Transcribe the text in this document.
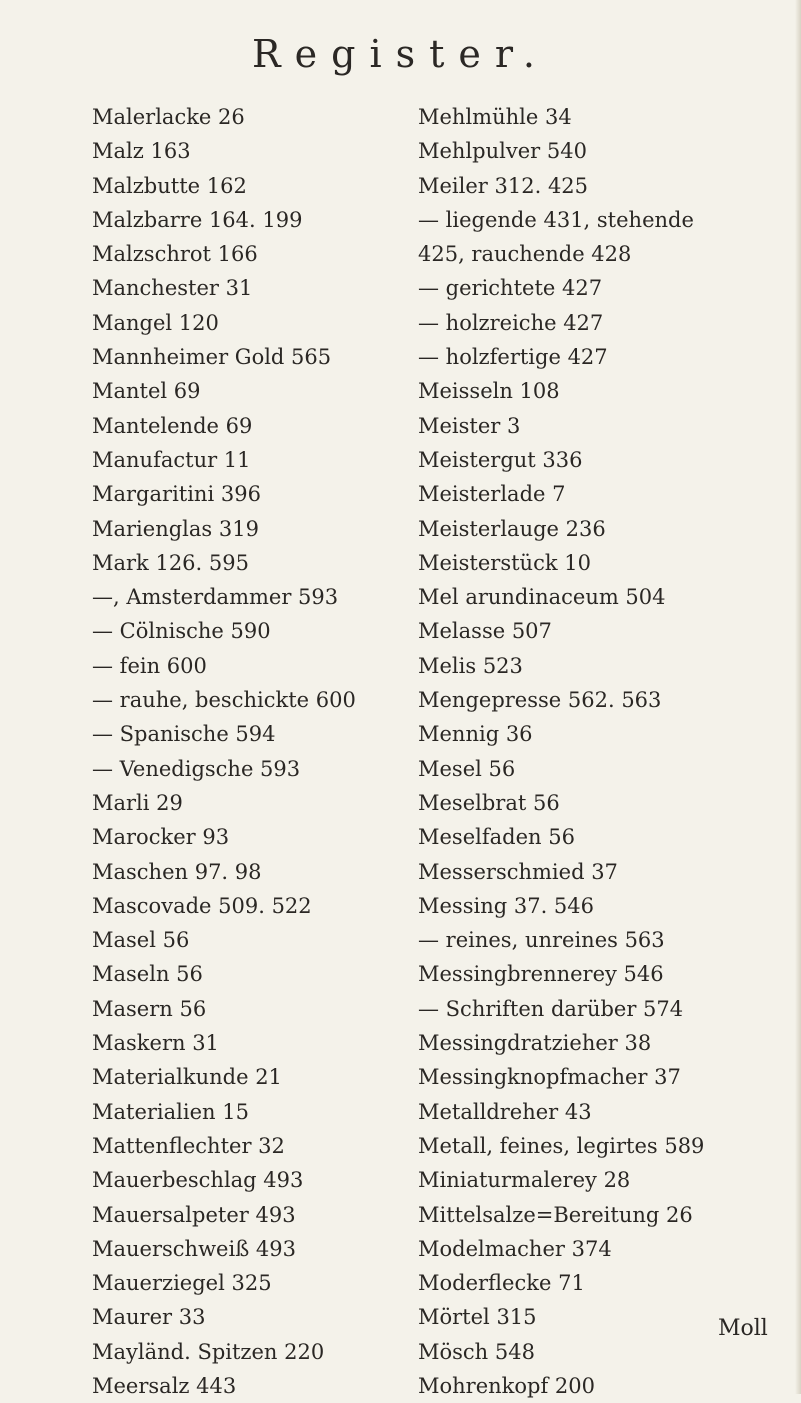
Register.
Malerlacke 26
Malz 163
Malzbutte 162
Malzbarre 164. 199
Malzschrot 166
Manchester 31
Mangel 120
Mannheimer Gold 565
Mantel 69
Mantelende 69
Manufactur 11
Margaritini 396
Marienglas 319
Mark 126. 595
—, Amsterdammer 593
— Cölnische 590
— fein 600
— rauhe, beschickte 600
— Spanische 594
— Venedigsche 593
Marli 29
Marocker 93
Maschen 97. 98
Mascovade 509. 522
Masel 56
Maseln 56
Masern 56
Maskern 31
Materialkunde 21
Materialien 15
Mattenflechter 32
Mauerbeschlag 493
Mauersalpeter 493
Mauerschweiß 493
Mauerziegel 325
Maurer 33
Mayländ. Spitzen 220
Meersalz 443
Mehlmühle 34
Mehlpulver 540
Meiler 312. 425
— liegende 431, stehende
425, rauchende 428
— gerichtete 427
— holzreiche 427
— holzfertige 427
Meisseln 108
Meister 3
Meistergut 336
Meisterlade 7
Meisterlauge 236
Meisterstück 10
Mel arundinaceum 504
Melasse 507
Melis 523
Mengepresse 562. 563
Mennig 36
Mesel 56
Meselbrat 56
Meselfaden 56
Messerschmied 37
Messing 37. 546
— reines, unreines 563
Messingbrennerey 546
— Schriften darüber 574
Messingdratzieher 38
Messingknopfmacher 37
Metalldreher 43
Metall, feines, legirtes 589
Miniaturmalerey 28
Mittelsalze=Bereitung 26
Modelmacher 374
Moderflecke 71
Mörtel 315
Mösch 548
Mohrenkopf 200
Moll
